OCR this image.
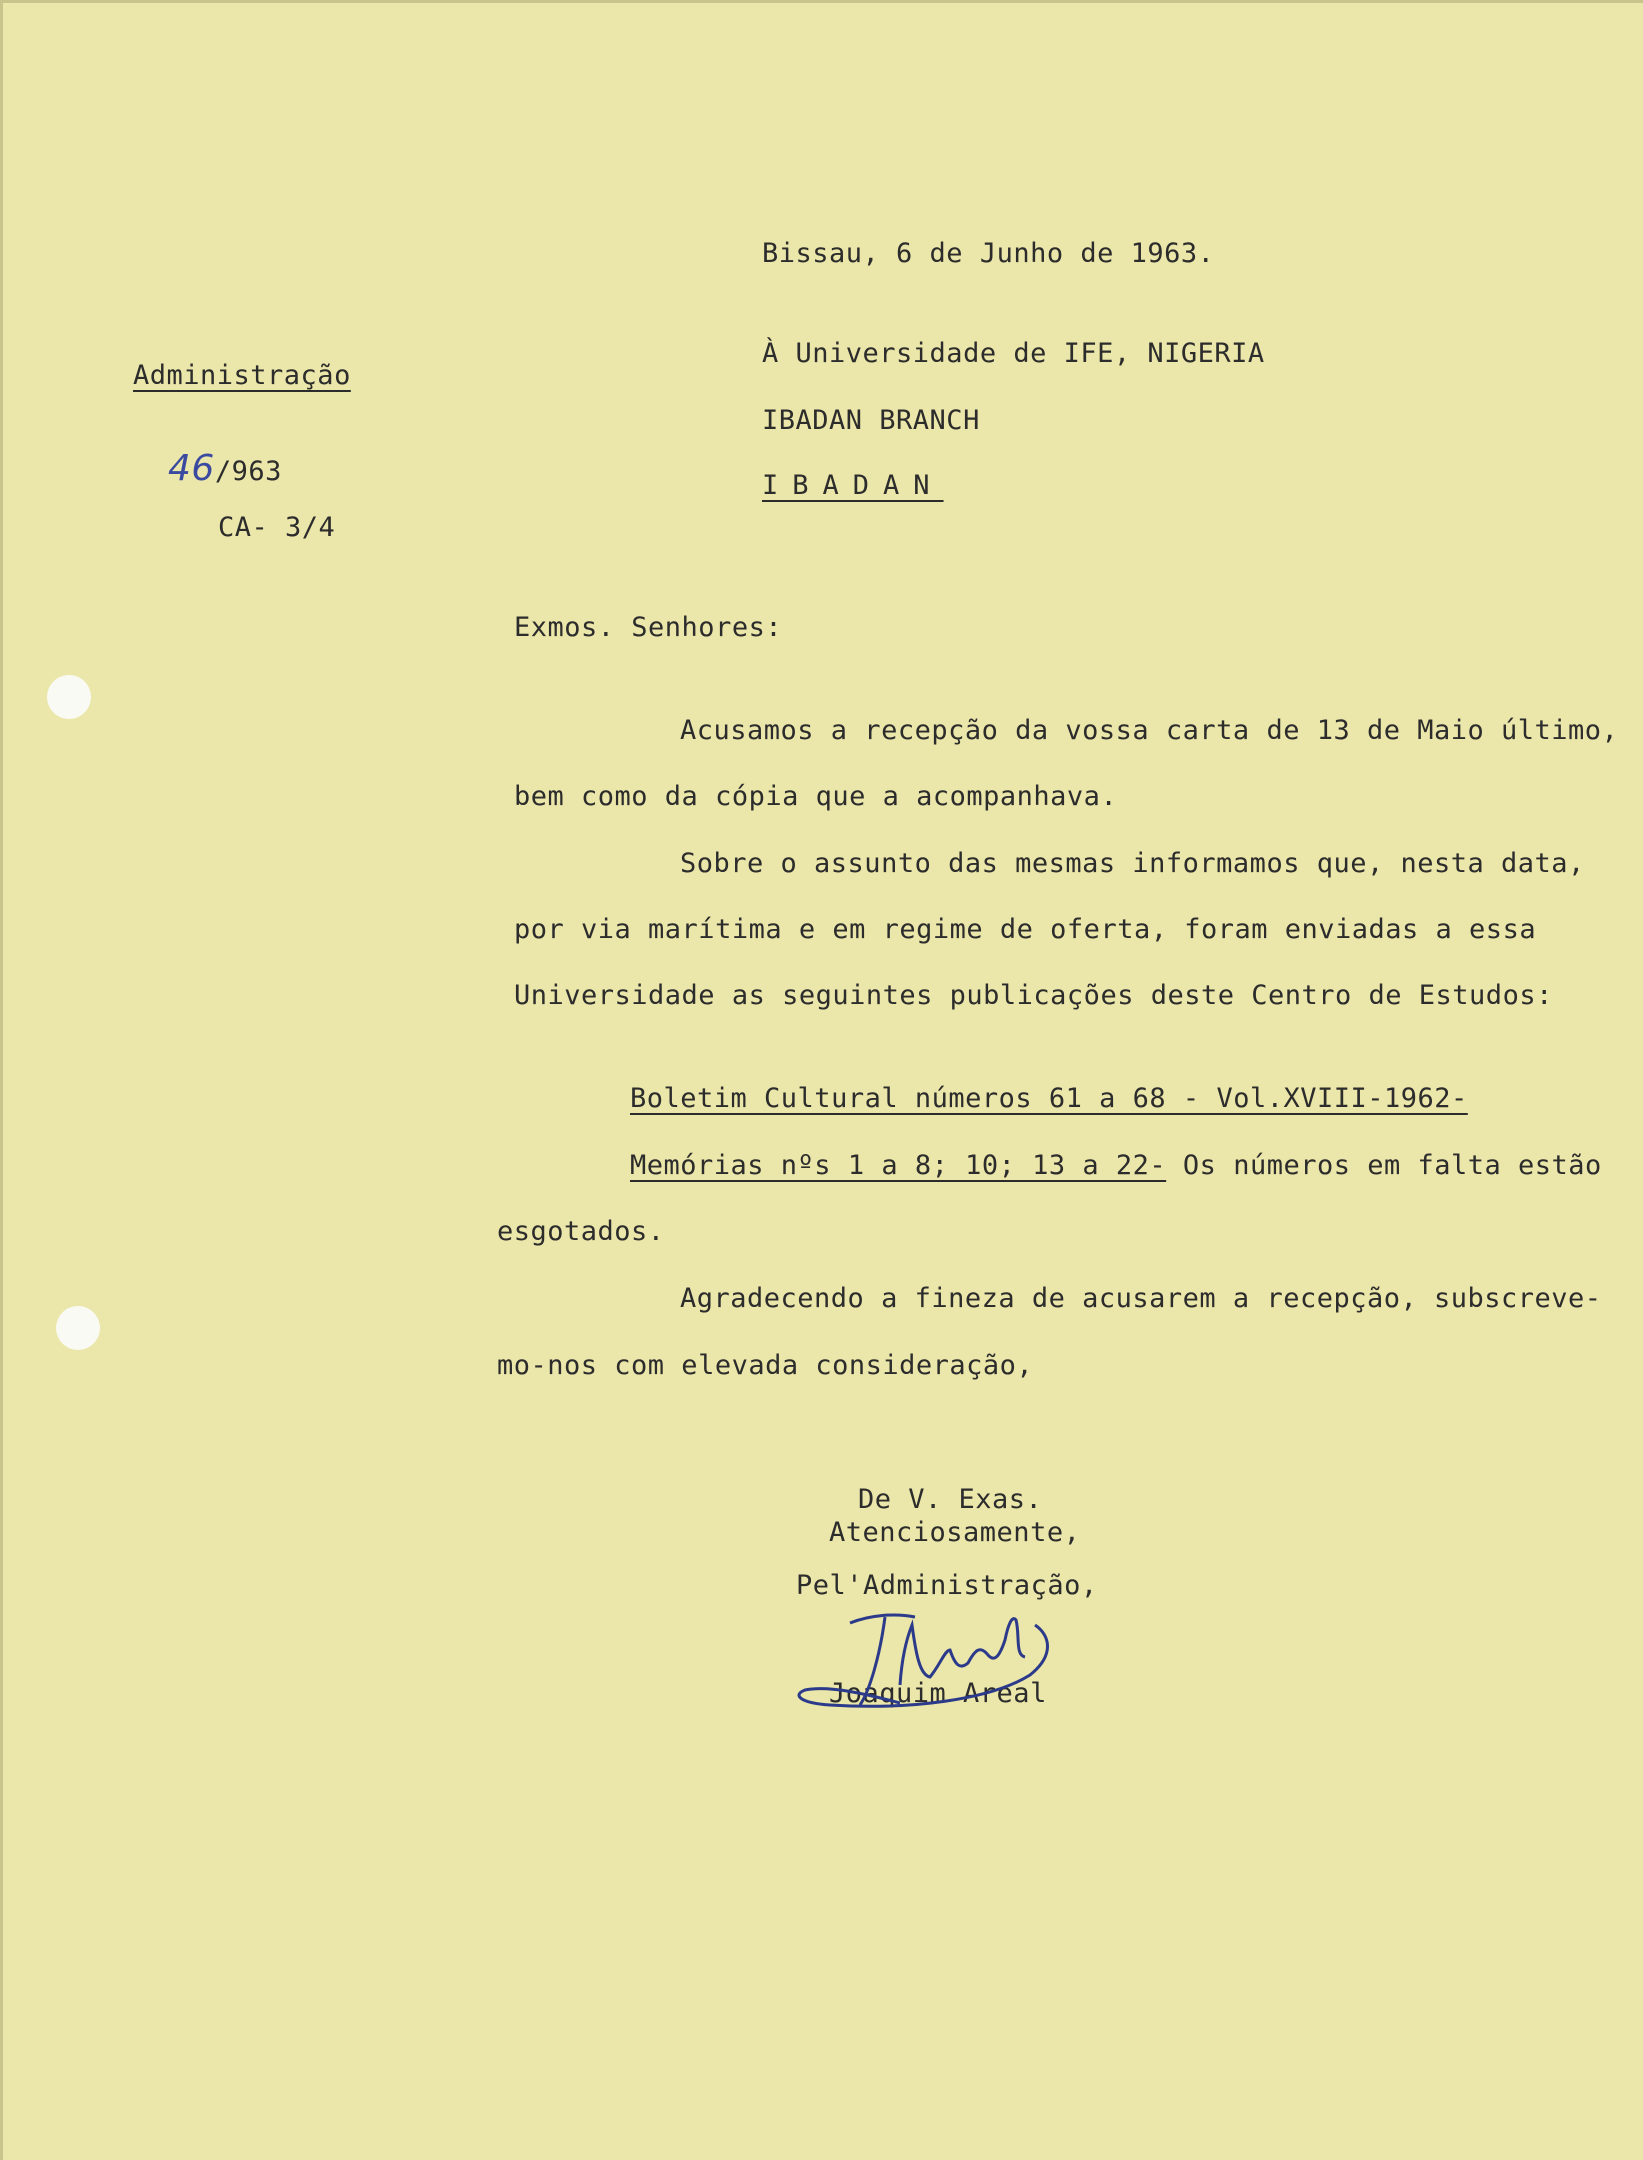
Bissau, 6 de Junho de 1963.
Administração
46/963
CA- 3/4
À Universidade de IFE, NIGERIA
IBADAN BRANCH
IBADAN
Exmos. Senhores:
Acusamos a recepção da vossa carta de 13 de Maio último,
bem como da cópia que a acompanhava.
Sobre o assunto das mesmas informamos que, nesta data,
por via marítima e em regime de oferta, foram enviadas a essa
Universidade as seguintes publicações deste Centro de Estudos:
Boletim Cultural números 61 a 68 - Vol.XVIII-1962-
Memórias nºs 1 a 8; 10; 13 a 22- Os números em falta estão
esgotados.
Agradecendo a fineza de acusarem a recepção, subscreve-
mo-nos com elevada consideração,
De V. Exas.
Atenciosamente,
Pel'Administração,
Joaquim Areal
